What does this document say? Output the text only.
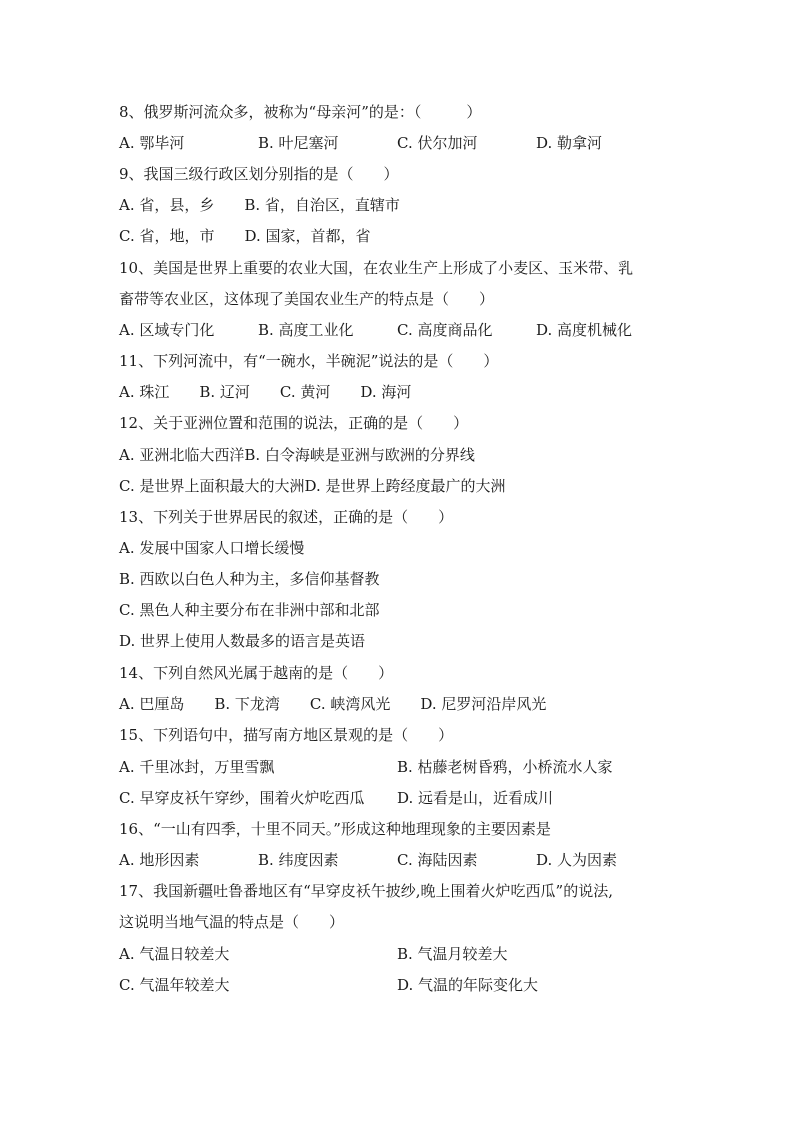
8、俄罗斯河流众多，被称为“母亲河”的是：（　　　）
A. 鄂毕河	B. 叶尼塞河	C. 伏尔加河	D. 勒拿河
9、我国三级行政区划分别指的是（　　）
A. 省，县，乡　　B. 省，自治区，直辖市
C. 省，地，市　　D. 国家，首都，省
10、美国是世界上重要的农业大国，在农业生产上形成了小麦区、玉米带、乳
畜带等农业区，这体现了美国农业生产的特点是（　　）
A. 区域专门化	B. 高度工业化	C. 高度商品化	D. 高度机械化
11、下列河流中，有“一碗水，半碗泥”说法的是（　　）
A. 珠江　　B. 辽河　　C. 黄河　　D. 海河
12、关于亚洲位置和范围的说法，正确的是（　　）
A. 亚洲北临大西洋B. 白令海峡是亚洲与欧洲的分界线
C. 是世界上面积最大的大洲D. 是世界上跨经度最广的大洲
13、下列关于世界居民的叙述，正确的是（　　）
A. 发展中国家人口增长缓慢
B. 西欧以白色人种为主，多信仰基督教
C. 黑色人种主要分布在非洲中部和北部
D. 世界上使用人数最多的语言是英语
14、下列自然风光属于越南的是（　　）
A. 巴厘岛　　B. 下龙湾　　C. 峡湾风光　　D. 尼罗河沿岸风光
15、下列语句中，描写南方地区景观的是（　　）
A. 千里冰封，万里雪飘	B. 枯藤老树昏鸦，小桥流水人家
C. 早穿皮袄午穿纱，围着火炉吃西瓜 D. 远看是山，近看成川
16、“一山有四季，十里不同天。”形成这种地理现象的主要因素是
A. 地形因素	B. 纬度因素	C. 海陆因素	D. 人为因素
17、我国新疆吐鲁番地区有“早穿皮袄午披纱,晚上围着火炉吃西瓜”的说法,
这说明当地气温的特点是（　　）
A. 气温日较差大	B. 气温月较差大
C. 气温年较差大	D. 气温的年际变化大
